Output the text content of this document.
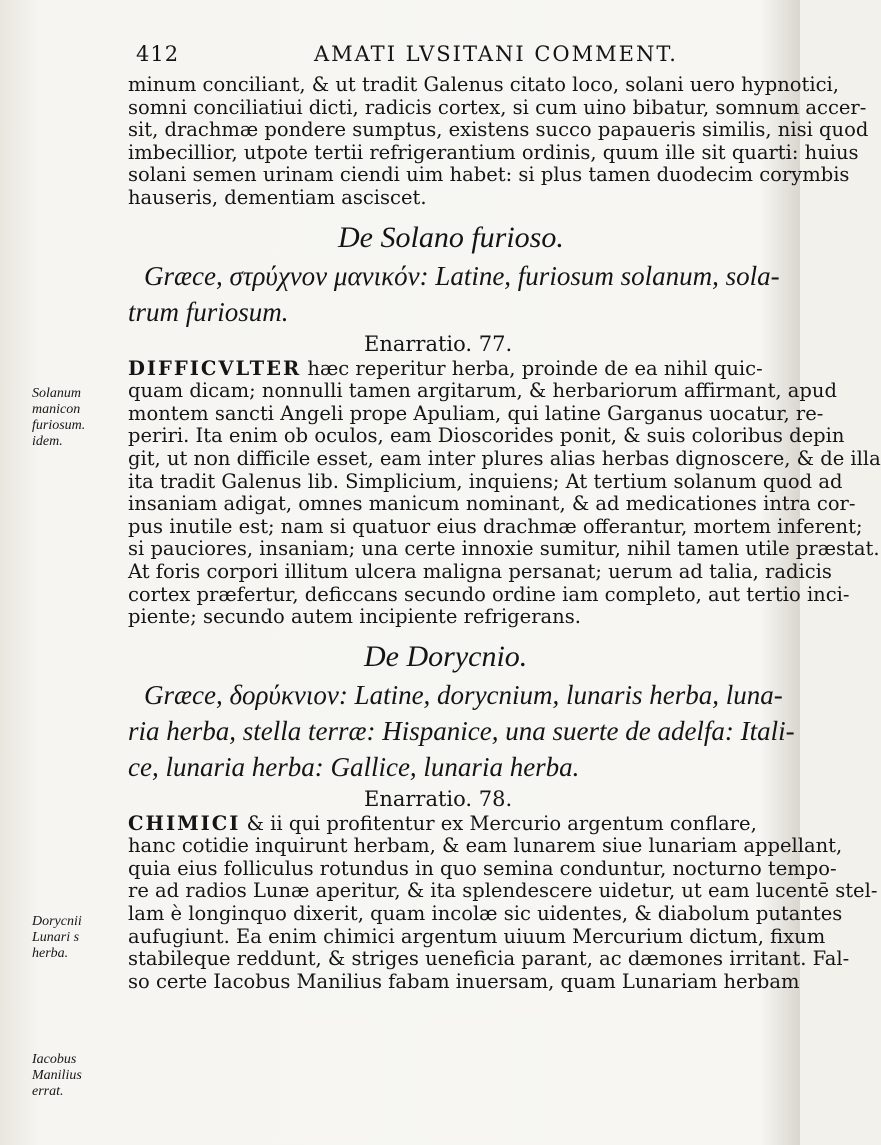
412	AMATI LVSITANI COMMENT.
minum conciliant, & ut tradit Galenus citato loco, solani uero hypnotici,
somni conciliatiui dicti, radicis cortex, si cum uino bibatur, somnum accer-
sit, drachmæ pondere sumptus, existens succo papaueris similis, nisi quod
imbecillior, utpote tertii refrigerantium ordinis, quum ille sit quarti: huius
solani semen urinam ciendi uim habet: si plus tamen duodecim corymbis
hauseris, dementiam asciscet.
De Solano furioso.
Græce, στρύχνον μανικόν: Latine, furiosum solanum, sola-
trum furiosum.
Enarratio. 77.
DIFFICVLTER hæc reperitur herba, proinde de ea nihil quic-
quam dicam; nonnulli tamen argitarum, & herbariorum affirmant, apud
montem sancti Angeli prope Apuliam, qui latine Garganus uocatur, re-
periri. Ita enim ob oculos, eam Dioscorides ponit, & suis coloribus depin
git, ut non difficile esset, eam inter plures alias herbas dignoscere, & de illa
ita tradit Galenus lib. Simplicium, inquiens; At tertium solanum quod ad
insaniam adigat, omnes manicum nominant, & ad medicationes intra cor-
pus inutile est; nam si quatuor eius drachmæ offerantur, mortem inferent;
si pauciores, insaniam; una certe innoxie sumitur, nihil tamen utile præstat.
At foris corpori illitum ulcera maligna persanat; uerum ad talia, radicis
cortex præfertur, deficcans secundo ordine iam completo, aut tertio inci-
piente; secundo autem incipiente refrigerans.
De Dorycnio.
Græce, δορύκνιον: Latine, dorycnium, lunaris herba, luna-
ria herba, stella terræ: Hispanice, una suerte de adelfa: Itali-
ce, lunaria herba: Gallice, lunaria herba.
Enarratio. 78.
CHIMICI & ii qui profitentur ex Mercurio argentum conflare,
hanc cotidie inquirunt herbam, & eam lunarem siue lunariam appellant,
quia eius folliculus rotundus in quo semina conduntur, nocturno tempo-
re ad radios Lunæ aperitur, & ita splendescere uidetur, ut eam lucentē stel-
lam è longinquo dixerit, quam incolæ sic uidentes, & diabolum putantes
aufugiunt. Ea enim chimici argentum uiuum Mercurium dictum, fixum
stabileque reddunt, & striges ueneficia parant, ac dæmones irritant. Fal-
so certe Iacobus Manilius fabam inuersam, quam Lunariam herbam
Solanum
manicon
furiosum.
idem.
Dorycnii
Lunari s
herba.
Iacobus
Manilius
errat.
